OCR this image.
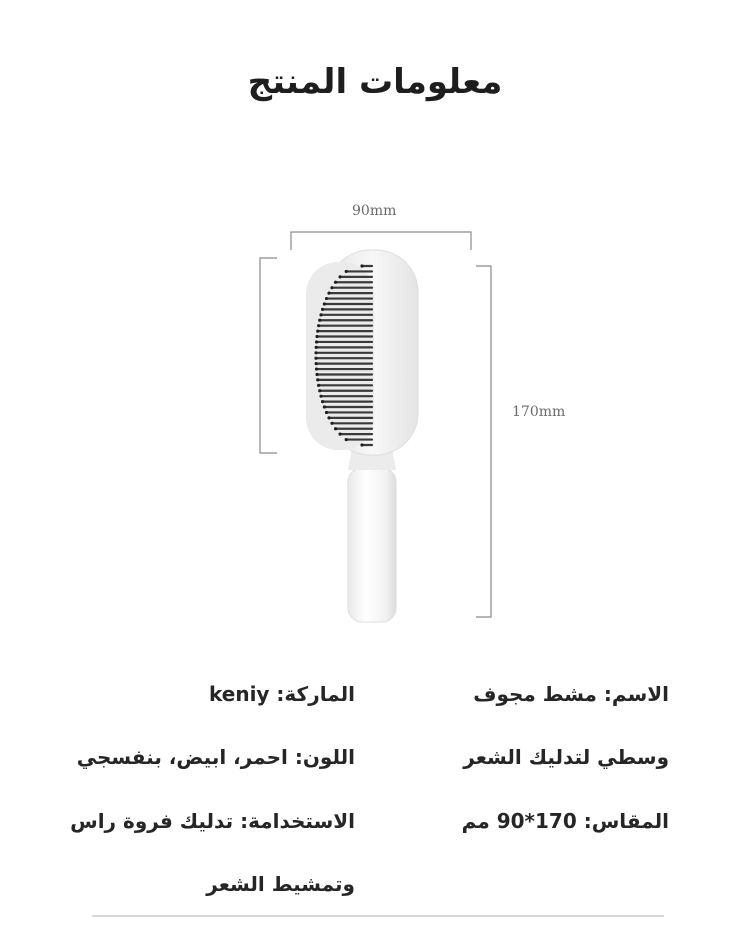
معلومات المنتج
90mm
170mm
الاسم: مشط مجوف
وسطي لتدليك الشعر
المقاس: 170*90 مم
الماركة: keniy
اللون: احمر، ابيض، بنفسجي
الاستخدامة: تدليك فروة راس
وتمشيط الشعر
